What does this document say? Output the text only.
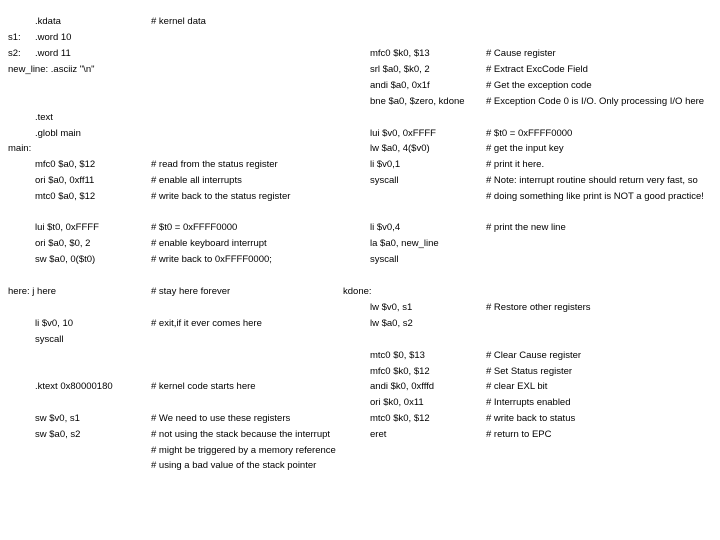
.kdata
s1: .word 10
s2: .word 11
new_line: .asciiz "\n"
.text
.globl main
main:
mfc0 $a0, $12
ori $a0, 0xff11
mtc0 $a0, $12
lui $t0, 0xFFFF
ori $a0, $0, 2
sw $a0, 0($t0)
here: j here
li $v0, 10
syscall
.ktext 0x80000180
sw $v0, s1
sw $a0, s2
# kernel data
# read from the status register
# enable all interrupts
# write back to the status register
# $t0 = 0xFFFF0000
# enable keyboard interrupt
# write back to 0xFFFF0000;
# stay here forever
# exit,if it ever comes here
# kernel code starts here
# We need to use these registers
# not using the stack because the interrupt
# might be triggered by a memory reference
# using a bad value of the stack pointer
mfc0 $k0, $13
srl $a0, $k0, 2
andi $a0, 0x1f
bne $a0, $zero, kdone
lui $v0, 0xFFFF
lw $a0, 4($v0)
li $v0,1
syscall
li $v0,4
la $a0, new_line
syscall
kdone:
lw $v0, s1
lw $a0, s2
mtc0 $0, $13
mfc0 $k0, $12
andi $k0, 0xfffd
ori $k0, 0x11
mtc0 $k0, $12
eret
# Cause register
# Extract ExcCode Field
# Get the exception code
# Exception Code 0 is I/O. Only processing I/O here
# $t0 = 0xFFFF0000
# get the input key
# print it here.
# Note: interrupt routine should return very fast, so
# doing something like print is NOT a good practice!
# print the new line
# Restore other registers
# Clear Cause register
# Set Status register
# clear EXL bit
# Interrupts enabled
# write back to status
# return to EPC
